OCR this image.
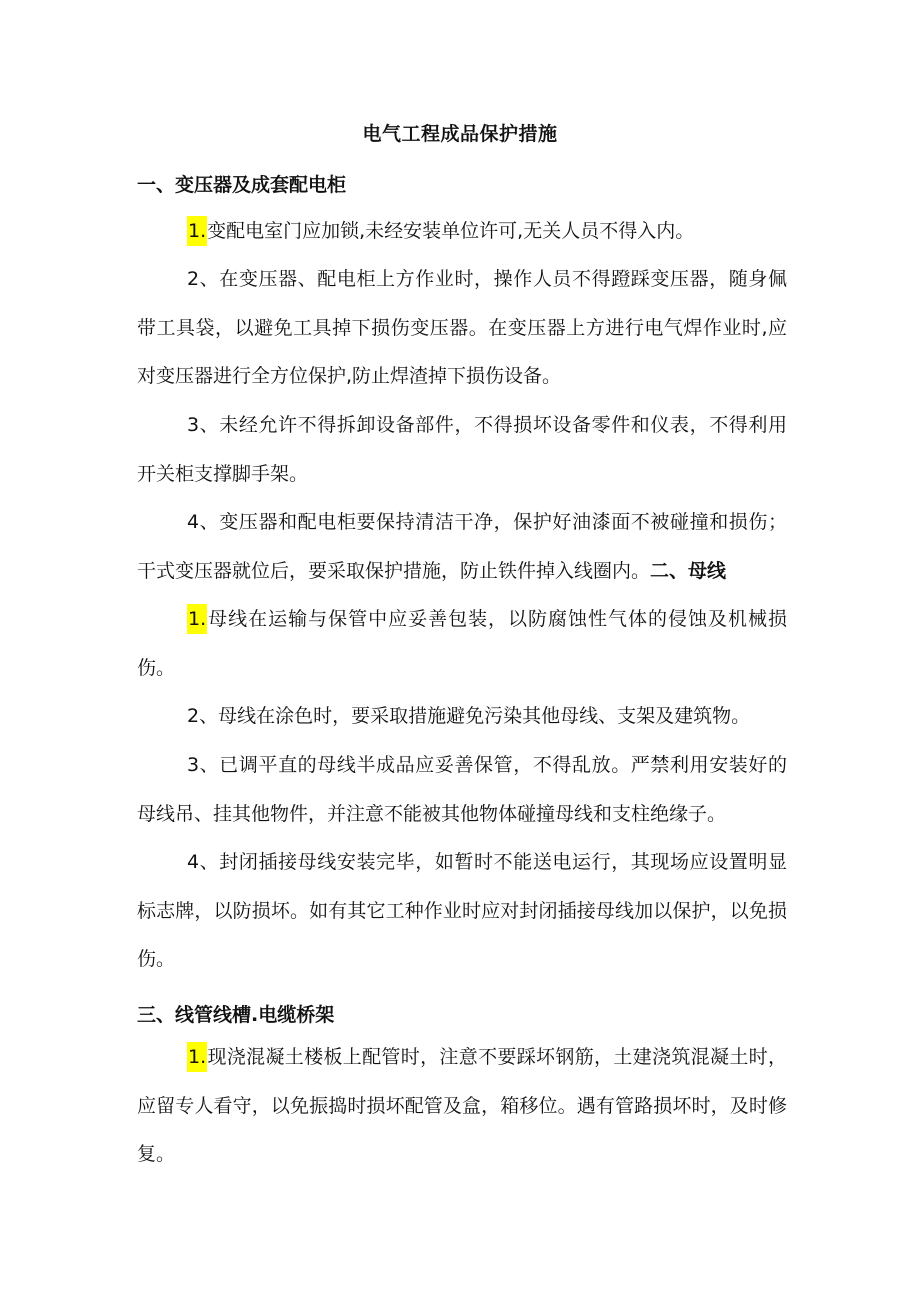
电气工程成品保护措施
一、变压器及成套配电柜
1.变配电室门应加锁,未经安装单位许可,无关人员不得入内。
2、在变压器、配电柜上方作业时，操作人员不得蹬踩变压器，随身佩带工具袋，以避免工具掉下损伤变压器。在变压器上方进行电气焊作业时,应对变压器进行全方位保护,防止焊渣掉下损伤设备。
3、未经允许不得拆卸设备部件，不得损坏设备零件和仪表，不得利用开关柜支撑脚手架。
4、变压器和配电柜要保持清洁干净，保护好油漆面不被碰撞和损伤；干式变压器就位后，要采取保护措施，防止铁件掉入线圈内。二、母线
1.母线在运输与保管中应妥善包装，以防腐蚀性气体的侵蚀及机械损伤。
2、母线在涂色时，要采取措施避免污染其他母线、支架及建筑物。
3、已调平直的母线半成品应妥善保管，不得乱放。严禁利用安装好的母线吊、挂其他物件，并注意不能被其他物体碰撞母线和支柱绝缘子。
4、封闭插接母线安装完毕，如暂时不能送电运行，其现场应设置明显标志牌，以防损坏。如有其它工种作业时应对封闭插接母线加以保护，以免损伤。
三、线管线槽.电缆桥架
1.现浇混凝土楼板上配管时，注意不要踩坏钢筋，土建浇筑混凝土时，应留专人看守，以免振捣时损坏配管及盒，箱移位。遇有管路损坏时，及时修复。
